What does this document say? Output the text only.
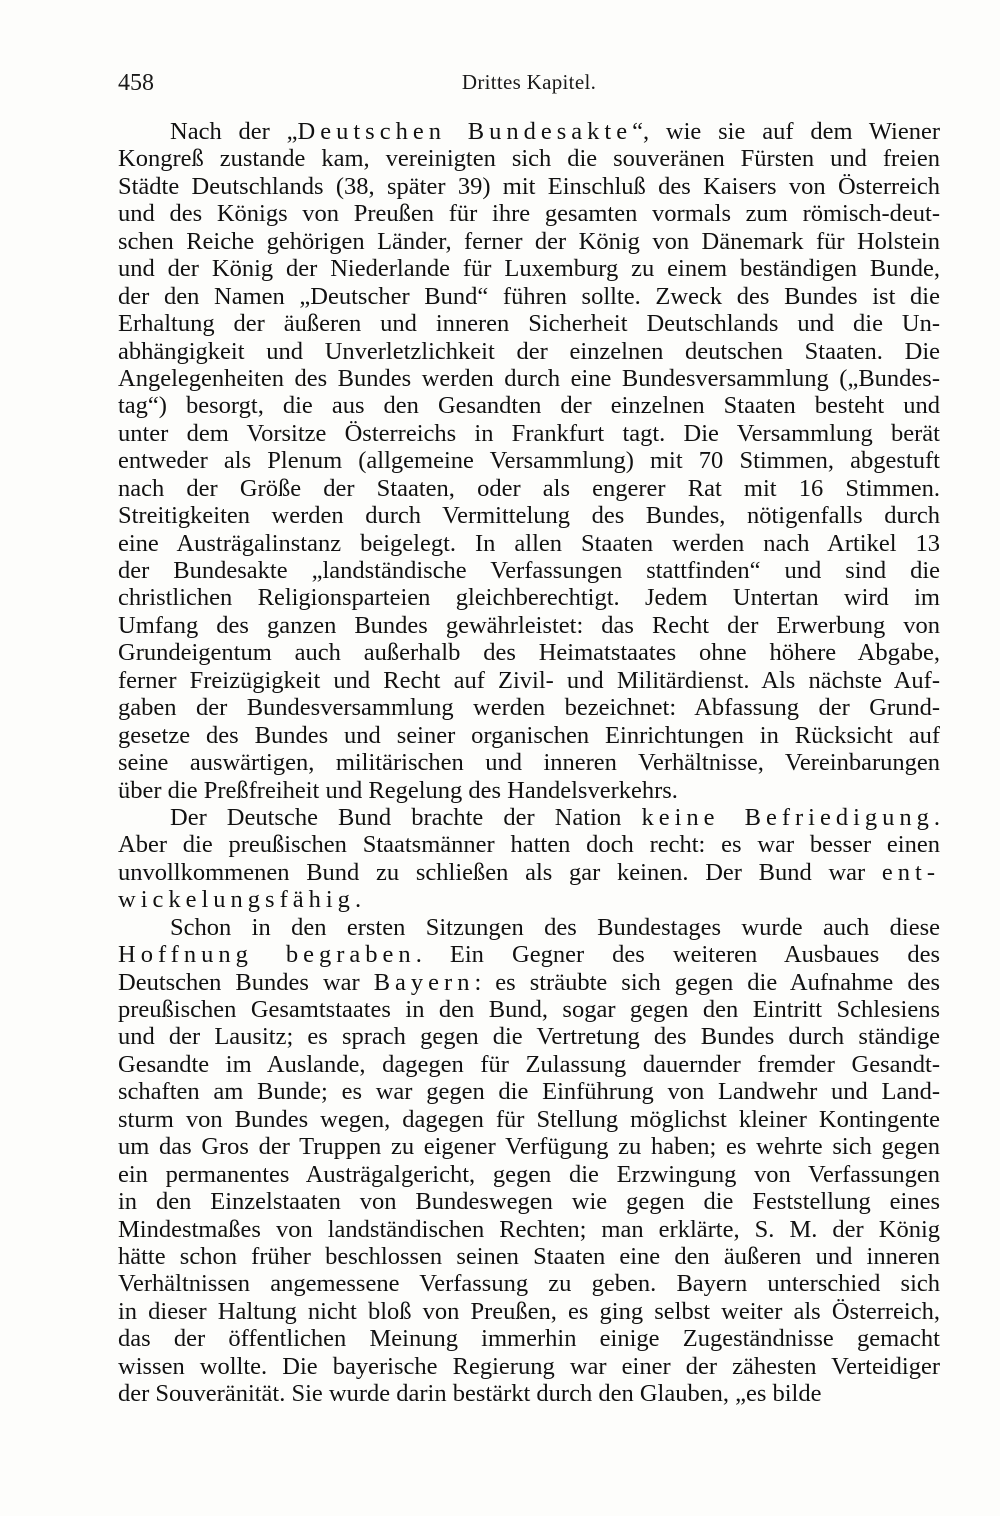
458	Drittes Kapitel.
Nach der „Deutschen Bundesakte“, wie sie auf dem Wiener
Kongreß zustande kam, vereinigten sich die souveränen Fürsten und freien
Städte Deutschlands (38, später 39) mit Einschluß des Kaisers von Österreich
und des Königs von Preußen für ihre gesamten vormals zum römisch-deut-
schen Reiche gehörigen Länder, ferner der König von Dänemark für Holstein
und der König der Niederlande für Luxemburg zu einem beständigen Bunde,
der den Namen „Deutscher Bund“ führen sollte. Zweck des Bundes ist die
Erhaltung der äußeren und inneren Sicherheit Deutschlands und die Un-
abhängigkeit und Unverletzlichkeit der einzelnen deutschen Staaten. Die
Angelegenheiten des Bundes werden durch eine Bundesversammlung („Bundes-
tag“) besorgt, die aus den Gesandten der einzelnen Staaten besteht und
unter dem Vorsitze Österreichs in Frankfurt tagt. Die Versammlung berät
entweder als Plenum (allgemeine Versammlung) mit 70 Stimmen, abgestuft
nach der Größe der Staaten, oder als engerer Rat mit 16 Stimmen.
Streitigkeiten werden durch Vermittelung des Bundes, nötigenfalls durch
eine Austrägalinstanz beigelegt. In allen Staaten werden nach Artikel 13
der Bundesakte „landständische Verfassungen stattfinden“ und sind die
christlichen Religionsparteien gleichberechtigt. Jedem Untertan wird im
Umfang des ganzen Bundes gewährleistet: das Recht der Erwerbung von
Grundeigentum auch außerhalb des Heimatstaates ohne höhere Abgabe,
ferner Freizügigkeit und Recht auf Zivil- und Militärdienst. Als nächste Auf-
gaben der Bundesversammlung werden bezeichnet: Abfassung der Grund-
gesetze des Bundes und seiner organischen Einrichtungen in Rücksicht auf
seine auswärtigen, militärischen und inneren Verhältnisse, Vereinbarungen
über die Preßfreiheit und Regelung des Handelsverkehrs.
Der Deutsche Bund brachte der Nation keine Befriedigung.
Aber die preußischen Staatsmänner hatten doch recht: es war besser einen
unvollkommenen Bund zu schließen als gar keinen. Der Bund war ent-
wickelungsfähig.
Schon in den ersten Sitzungen des Bundestages wurde auch diese
Hoffnung begraben. Ein Gegner des weiteren Ausbaues des
Deutschen Bundes war Bayern: es sträubte sich gegen die Aufnahme des
preußischen Gesamtstaates in den Bund, sogar gegen den Eintritt Schlesiens
und der Lausitz; es sprach gegen die Vertretung des Bundes durch ständige
Gesandte im Auslande, dagegen für Zulassung dauernder fremder Gesandt-
schaften am Bunde; es war gegen die Einführung von Landwehr und Land-
sturm von Bundes wegen, dagegen für Stellung möglichst kleiner Kontingente
um das Gros der Truppen zu eigener Verfügung zu haben; es wehrte sich gegen
ein permanentes Austrägalgericht, gegen die Erzwingung von Verfassungen
in den Einzelstaaten von Bundeswegen wie gegen die Feststellung eines
Mindestmaßes von landständischen Rechten; man erklärte, S. M. der König
hätte schon früher beschlossen seinen Staaten eine den äußeren und inneren
Verhältnissen angemessene Verfassung zu geben. Bayern unterschied sich
in dieser Haltung nicht bloß von Preußen, es ging selbst weiter als Österreich,
das der öffentlichen Meinung immerhin einige Zugeständnisse gemacht
wissen wollte. Die bayerische Regierung war einer der zähesten Verteidiger
der Souveränität. Sie wurde darin bestärkt durch den Glauben, „es bilde
